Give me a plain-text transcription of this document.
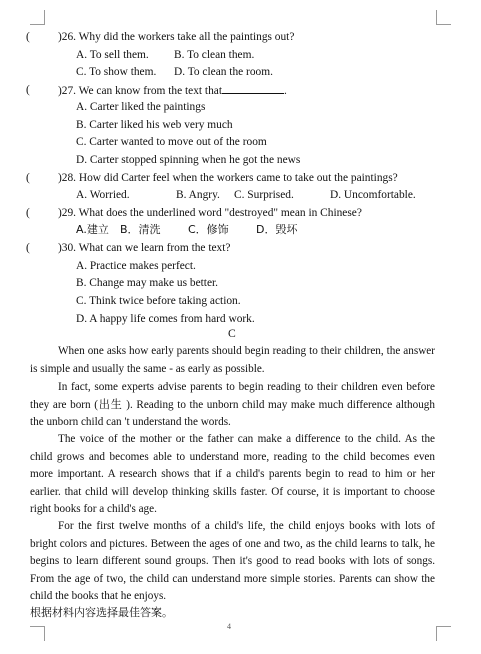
( )26. Why did the workers take all the paintings out?
A. To sell them. B. To clean them.
C. To show them. D. To clean the room.
( )27. We can know from the text that	.
A. Carter liked the paintings
B. Carter liked his web very much
C. Carter wanted to move out of the room
D. Carter stopped spinning when he got the news
( )28. How did Carter feel when the workers came to take out the paintings?
A. Worried.	B. Angry. C. Surprised.	D. Uncomfortable.
( )29. What does the underlined word "destroyed" mean in Chinese?
A.建立 B．清洗 C．修饰 D．毁坏
( )30. What can we learn from the text?
A. Practice makes perfect.
B. Change may make us better.
C. Think twice before taking action.
D. A happy life comes from hard work.
C

When one asks how early parents should begin reading to their children, the answer is simple and usually the same - as early as possible.

In fact, some experts advise parents to begin reading to their children even before they are born (出生 ). Reading to the unborn child may make much difference although the unborn child can 't understand the words.

The voice of the mother or the father can make a difference to the child. As the child grows and becomes able to understand more, reading to the child becomes even more important. A research shows that if a child's parents begin to read to him or her earlier. that child will develop thinking skills faster. Of course, it is important to choose right books for a child's age.

For the first twelve months of a child's life, the child enjoys books with lots of bright colors and pictures. Between the ages of one and two, as the child learns to talk, he begins to learn different sound groups. Then it's good to read books with lots of songs. From the age of two, the child can understand more simple stories. Parents can show the child the books that he enjoys.

根据材料内容选择最佳答案。
4
